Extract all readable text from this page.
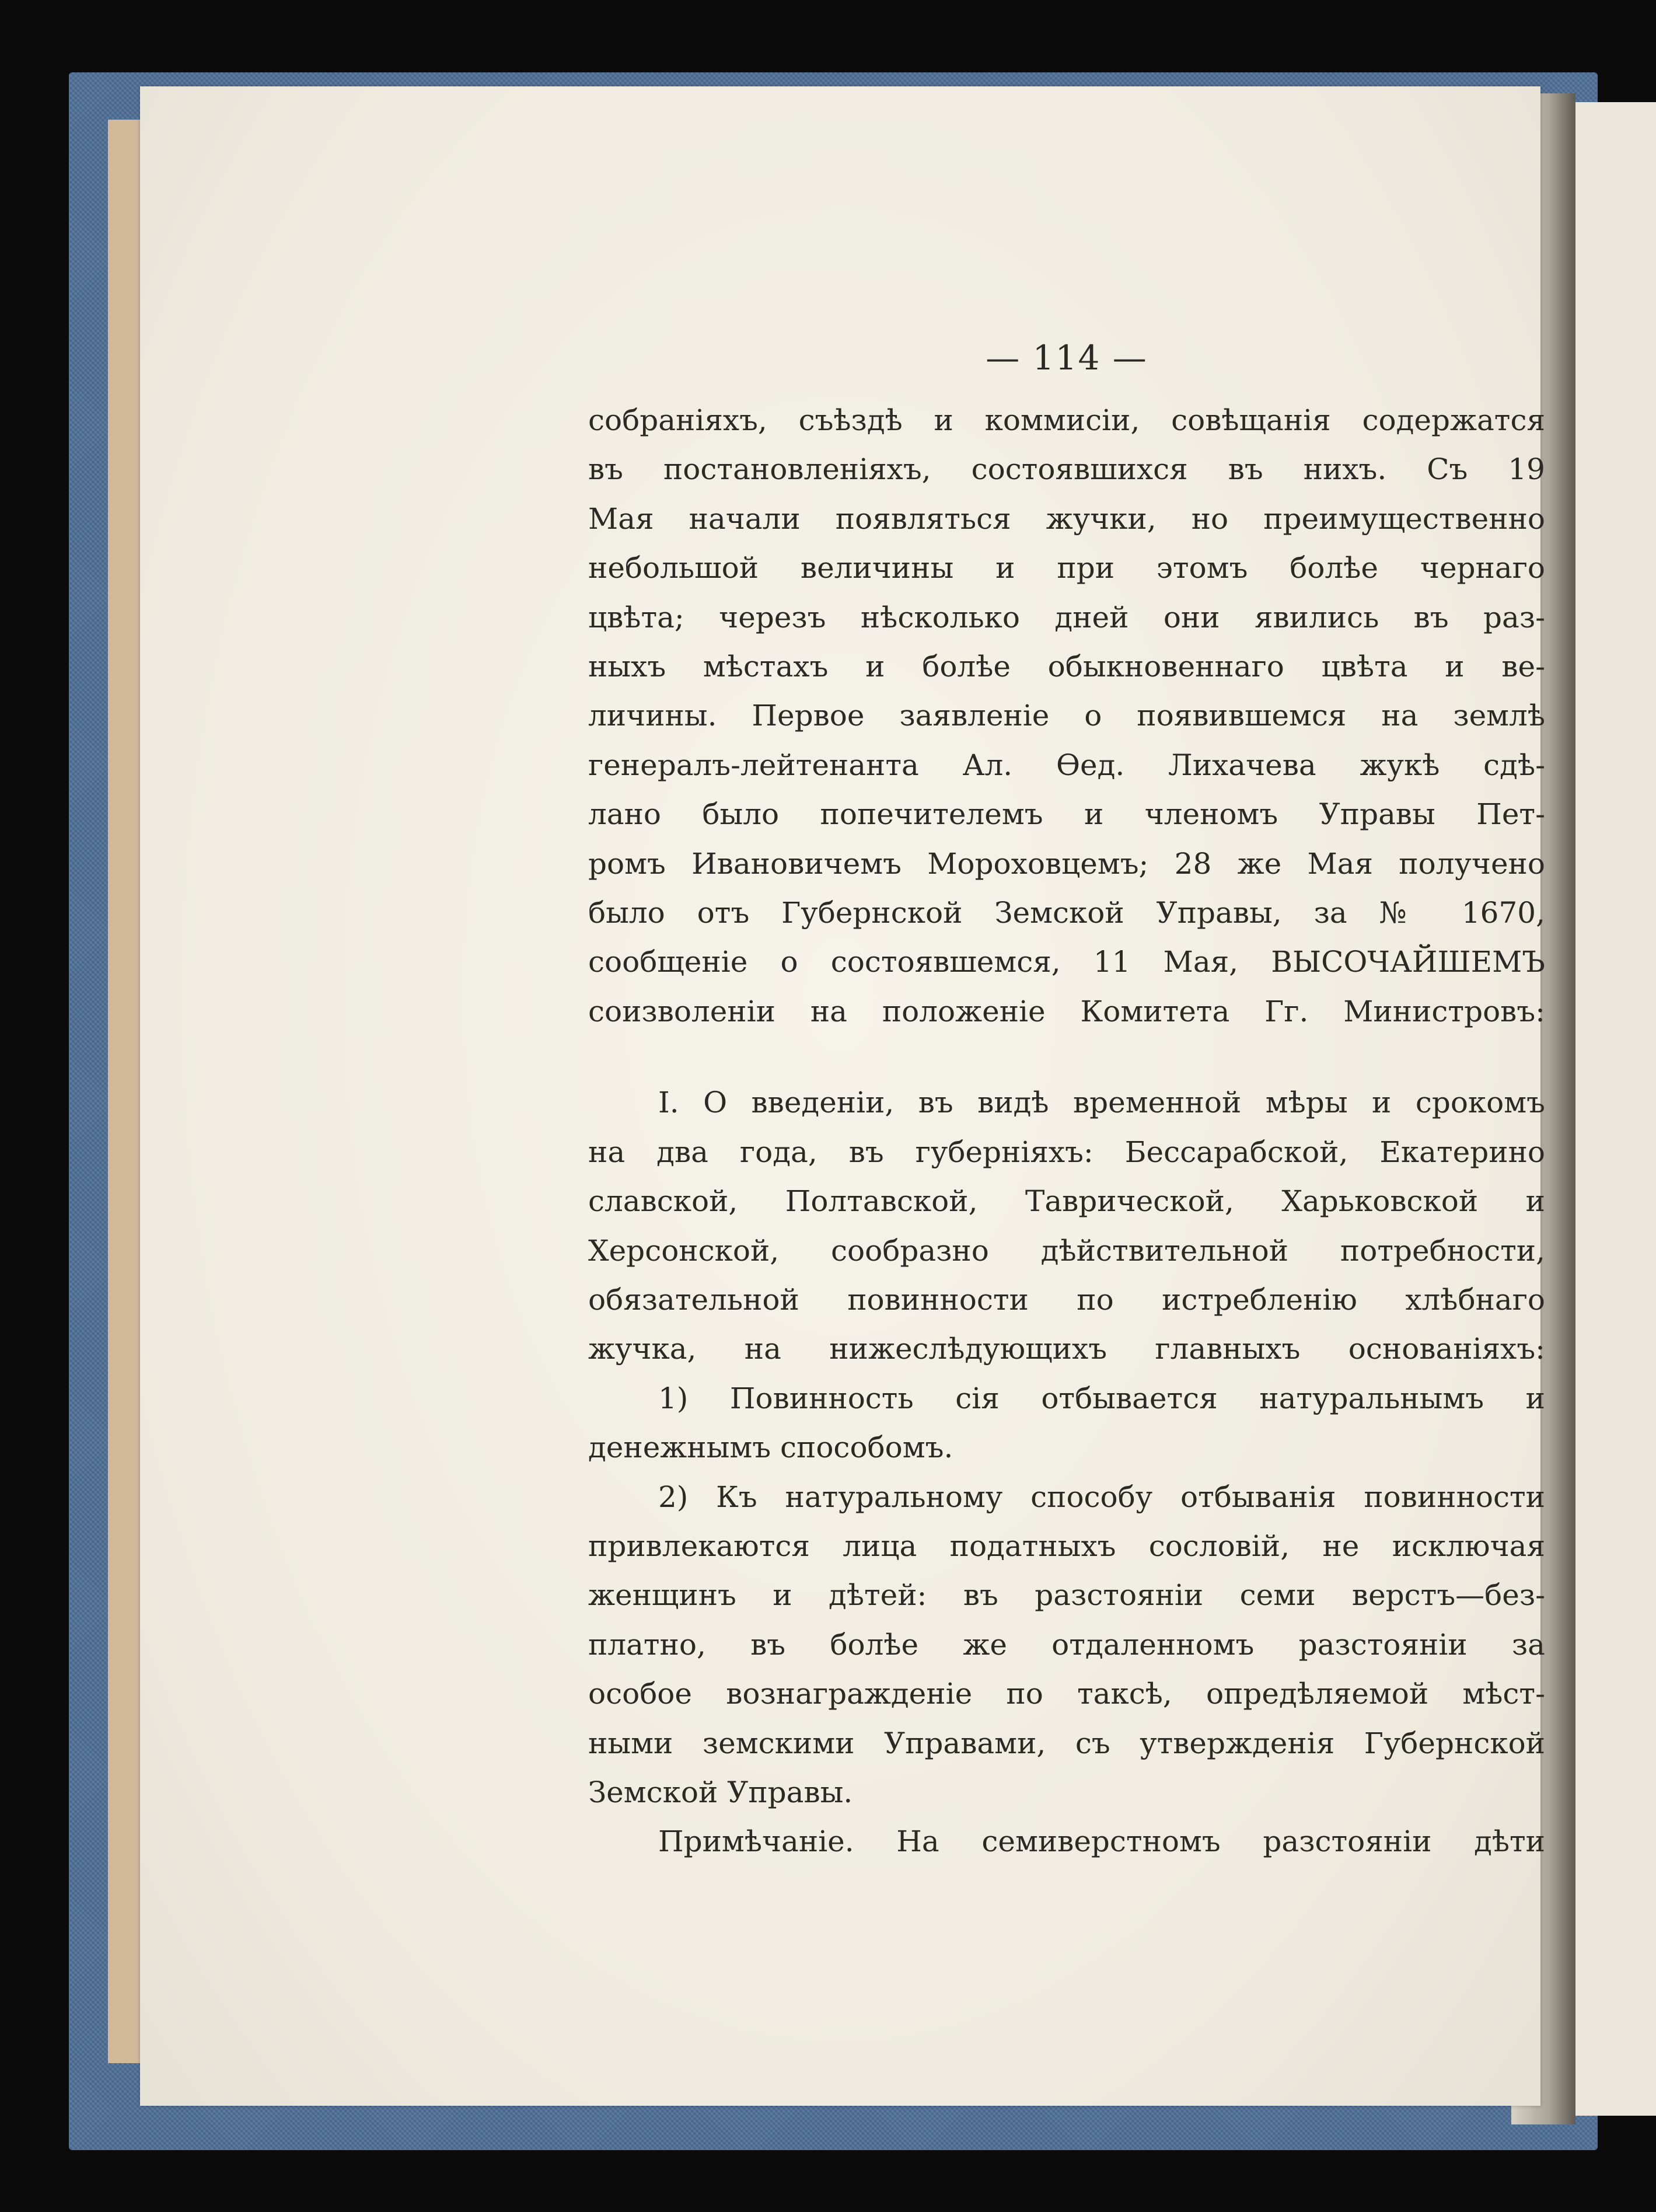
— 114 —
собраніяхъ, съѣздѣ и коммисіи, совѣщанія содержатся
въ постановленіяхъ, состоявшихся въ нихъ. Съ 19
Мая начали появляться жучки, но преимущественно
небольшой величины и при этомъ болѣе чернаго
цвѣта; черезъ нѣсколько дней они явились въ раз-
ныхъ мѣстахъ и болѣе обыкновеннаго цвѣта и ве-
личины. Первое заявленіе о появившемся на землѣ
генералъ-лейтенанта Ал. Ѳед. Лихачева жукѣ сдѣ-
лано было попечителемъ и членомъ Управы Пет-
ромъ Ивановичемъ Мороховцемъ; 28 же Мая получено
было отъ Губернской Земской Управы, за № 1670,
сообщеніе о состоявшемся, 11 Мая, ВЫСОЧАЙШЕМЪ
соизволеніи на положеніе Комитета Гг. Министровъ:
I. О введеніи, въ видѣ временной мѣры и срокомъ
на два года, въ губерніяхъ: Бессарабской, Екатерино
славской, Полтавской, Таврической, Харьковской и
Херсонской, сообразно дѣйствительной потребности,
обязательной повинности по истребленію хлѣбнаго
жучка, на нижеслѣдующихъ главныхъ основаніяхъ:
1) Повинность сія отбывается натуральнымъ и
денежнымъ способомъ.
2) Къ натуральному способу отбыванія повинности
привлекаются лица податныхъ сословій, не исключая
женщинъ и дѣтей: въ разстояніи семи верстъ—без-
платно, въ болѣе же отдаленномъ разстояніи за
особое вознагражденіе по таксѣ, опредѣляемой мѣст-
ными земскими Управами, съ утвержденія Губернской
Земской Управы.
Примѣчаніе. На семиверстномъ разстояніи дѣти
